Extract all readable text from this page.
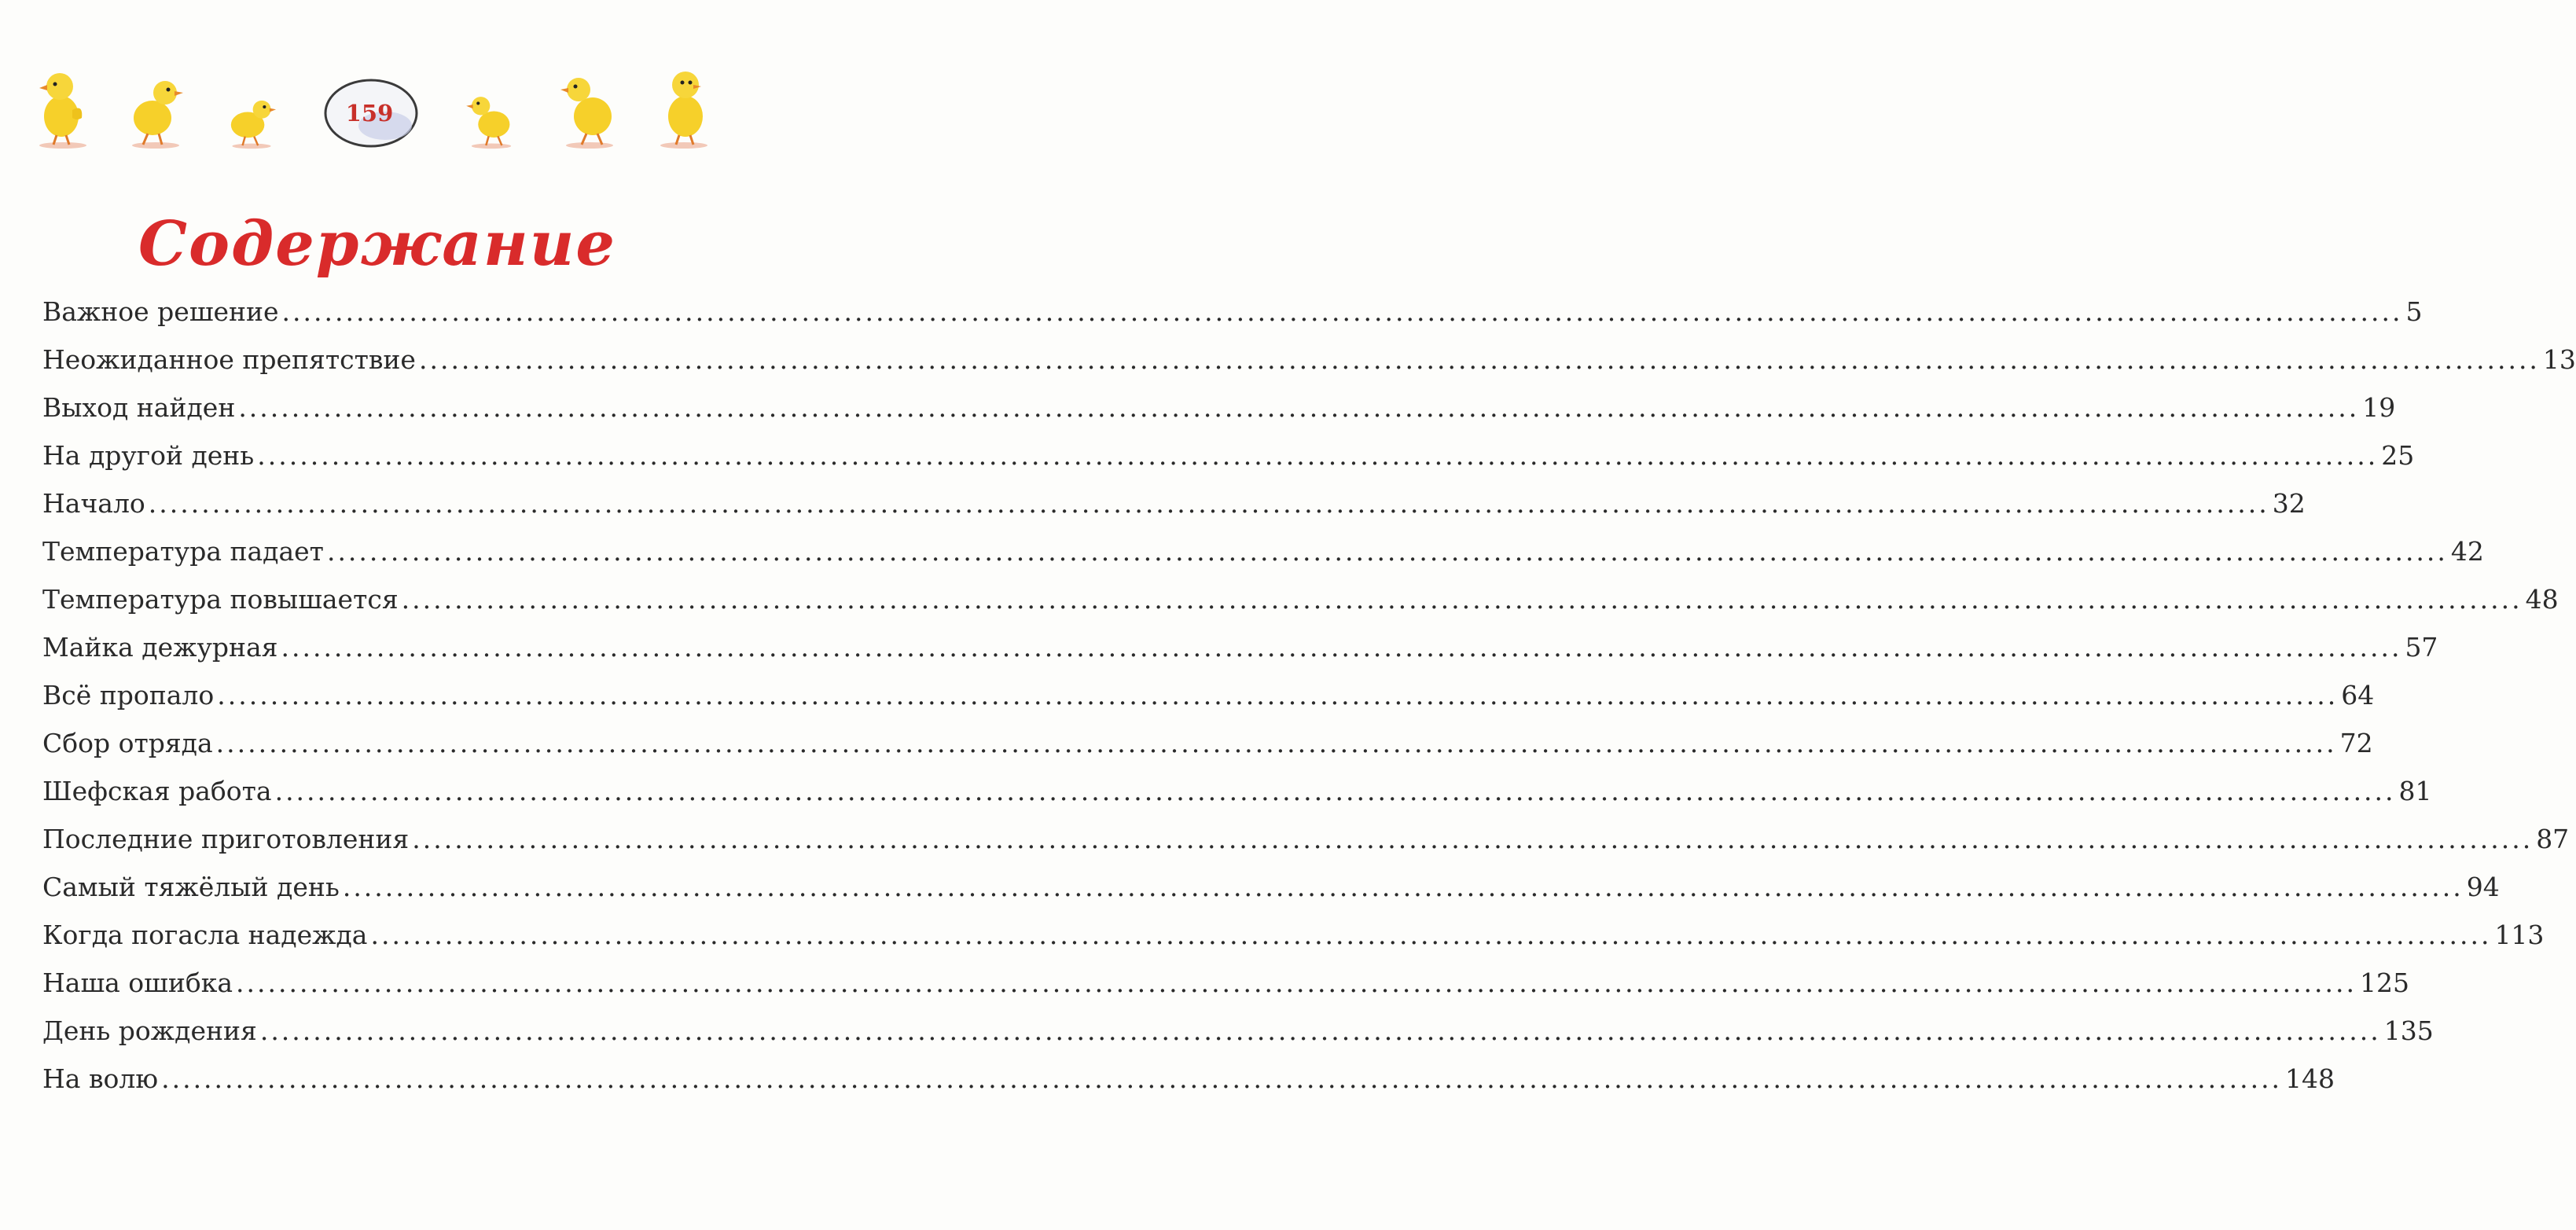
159
Содержание
Важное решение ........................................................................................................................................................................................................ 5
Неожиданное препятствие ........................................................................................................................................................................................................ 13
Выход найден ........................................................................................................................................................................................................ 19
На другой день ........................................................................................................................................................................................................ 25
Начало ........................................................................................................................................................................................................ 32
Температура падает ........................................................................................................................................................................................................ 42
Температура повышается ........................................................................................................................................................................................................ 48
Майка дежурная ........................................................................................................................................................................................................ 57
Всё пропало ........................................................................................................................................................................................................ 64
Сбор отряда ........................................................................................................................................................................................................ 72
Шефская работа ........................................................................................................................................................................................................ 81
Последние приготовления ........................................................................................................................................................................................................ 87
Самый тяжёлый день ........................................................................................................................................................................................................ 94
Когда погасла надежда ........................................................................................................................................................................................................ 113
Наша ошибка ........................................................................................................................................................................................................ 125
День рождения ........................................................................................................................................................................................................ 135
На волю ........................................................................................................................................................................................................ 148
